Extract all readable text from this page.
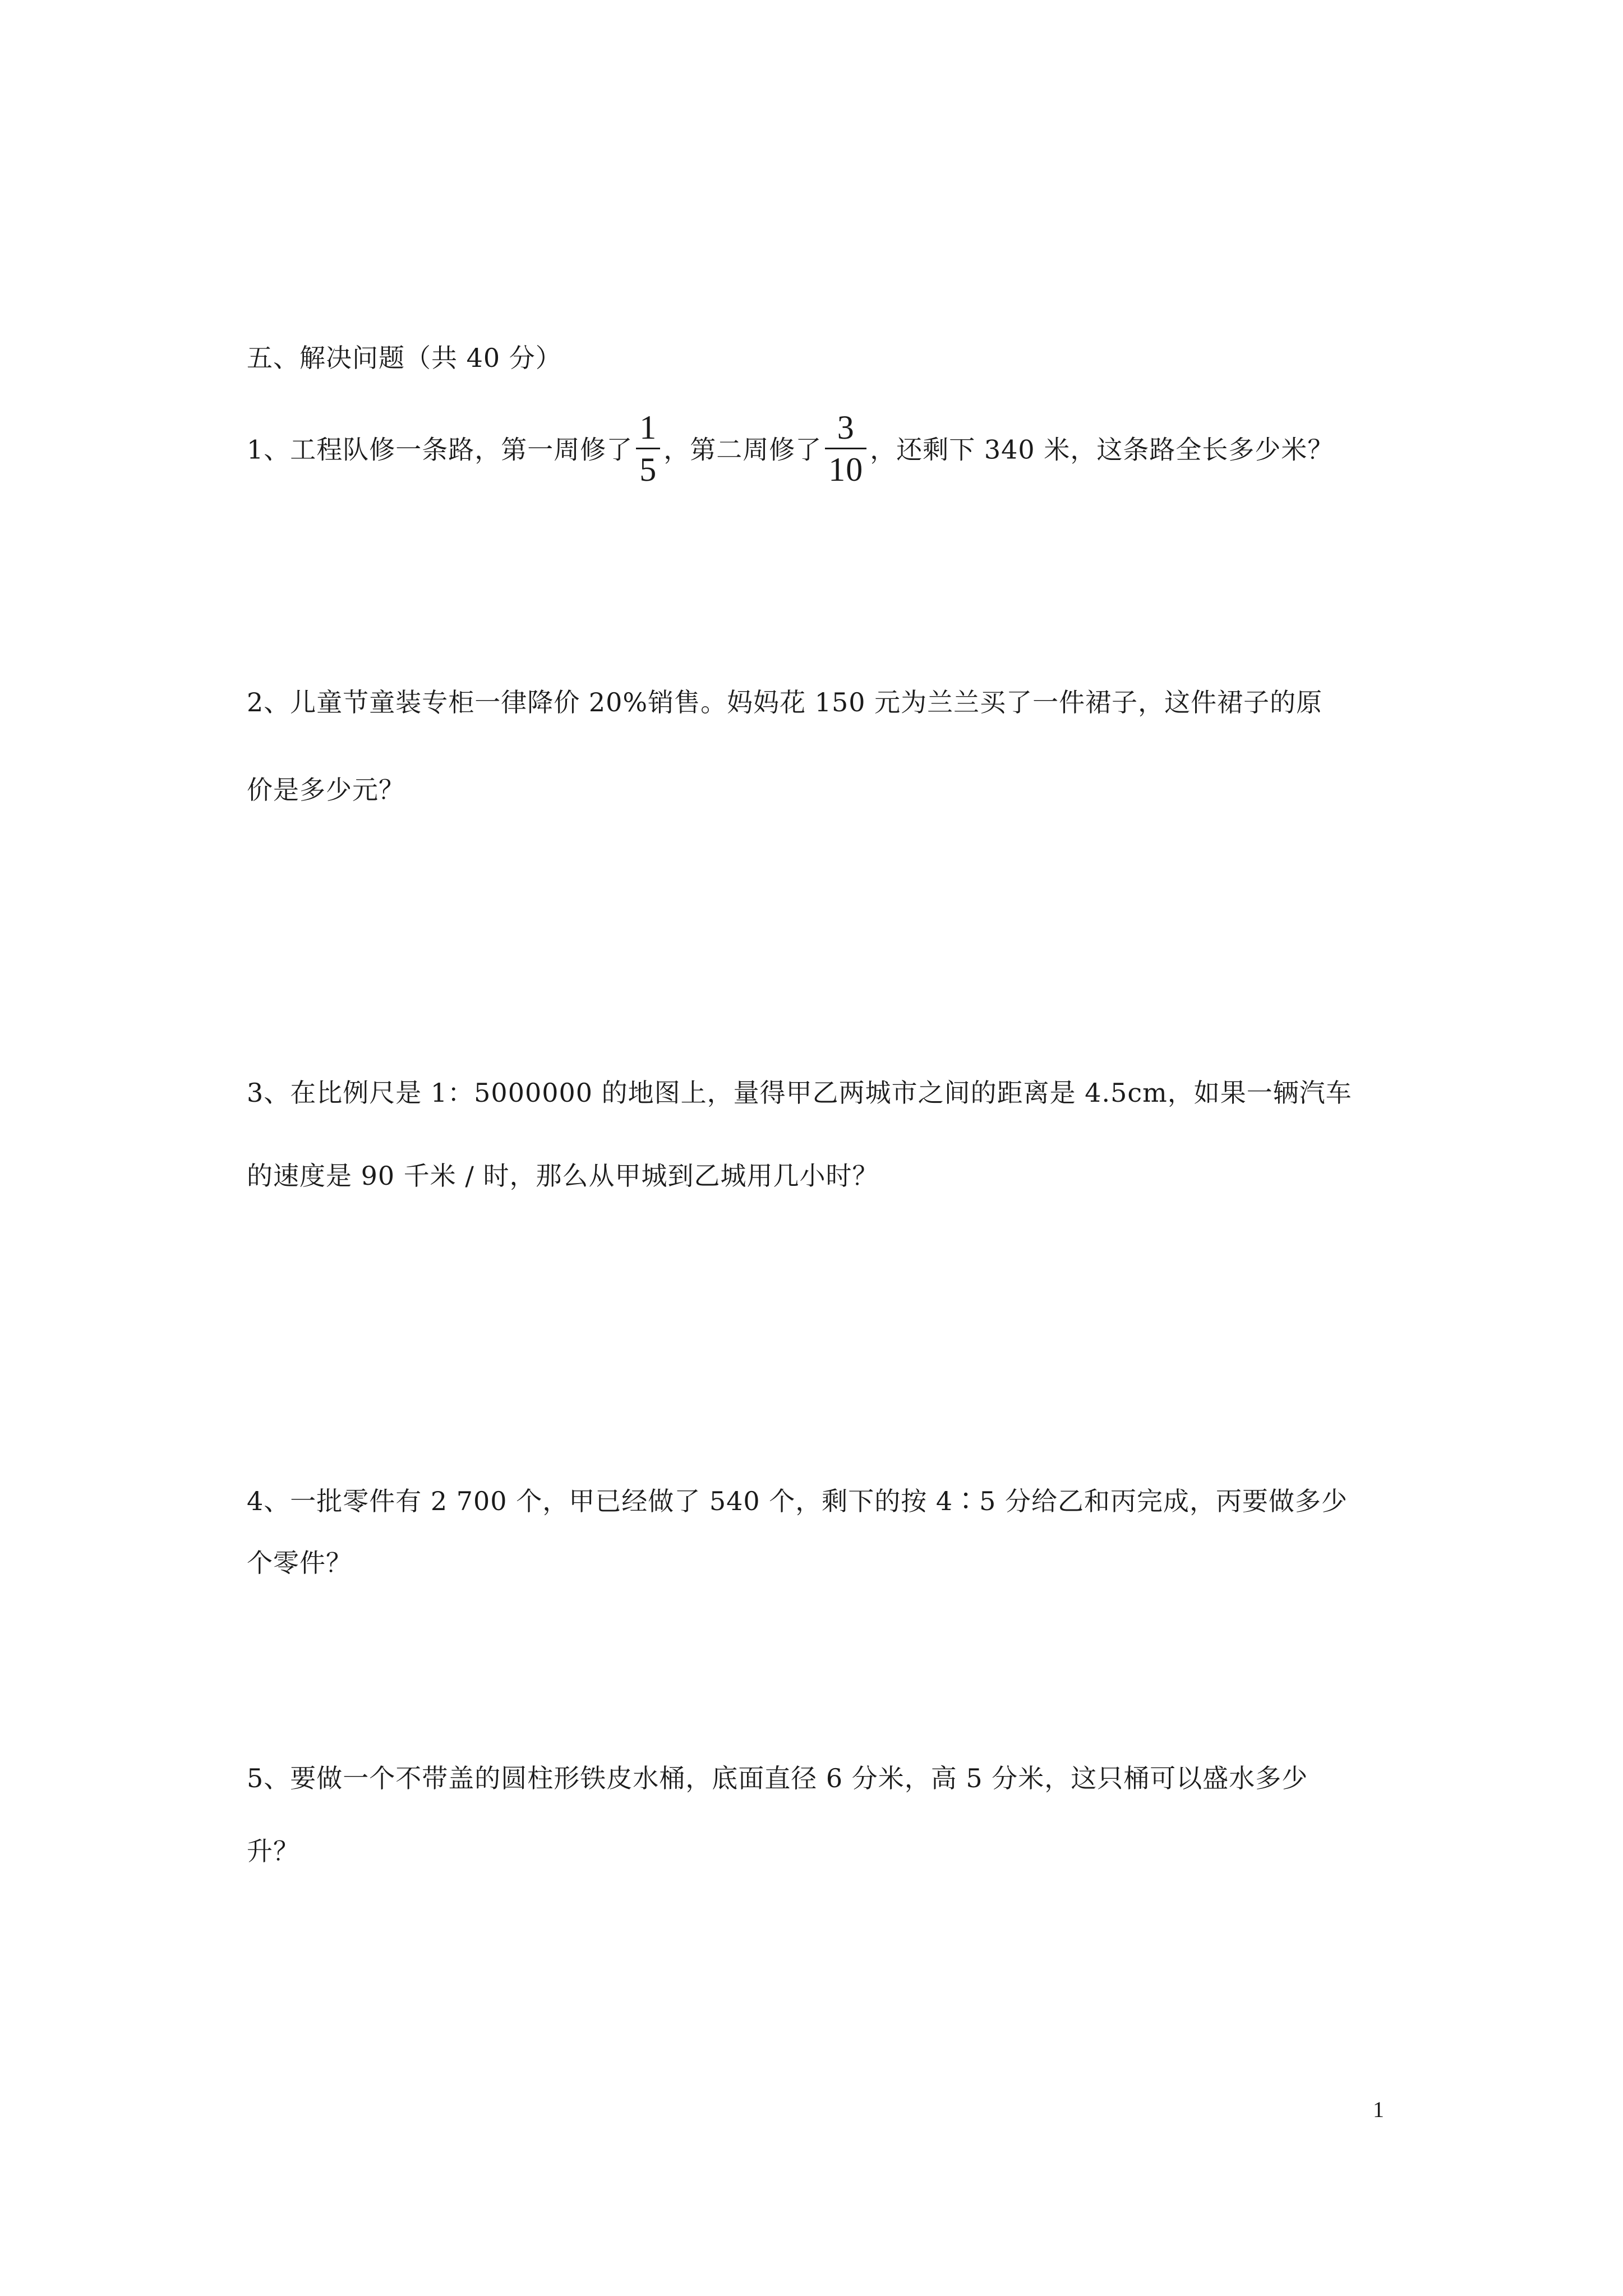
五、解决问题（共 40 分）
1、工程队修一条路，第一周修了 $\frac{1}{5}$ ，第二周修了 $\frac{3}{10}$ ，还剩下 340 米，这条路全长多少米？
2、儿童节童装专柜一律降价 20%销售。妈妈花 150 元为兰兰买了一件裙子，这件裙子的原
价是多少元？
3、在比例尺是 1：5000000 的地图上，量得甲乙两城市之间的距离是 4.5cm，如果一辆汽车
的速度是 90 千米 / 时，那么从甲城到乙城用几小时？
4、一批零件有 2 700 个，甲已经做了 540 个，剩下的按 4∶5 分给乙和丙完成，丙要做多少
个零件？
5、要做一个不带盖的圆柱形铁皮水桶，底面直径 6 分米，高 5 分米，这只桶可以盛水多少
升？
1
